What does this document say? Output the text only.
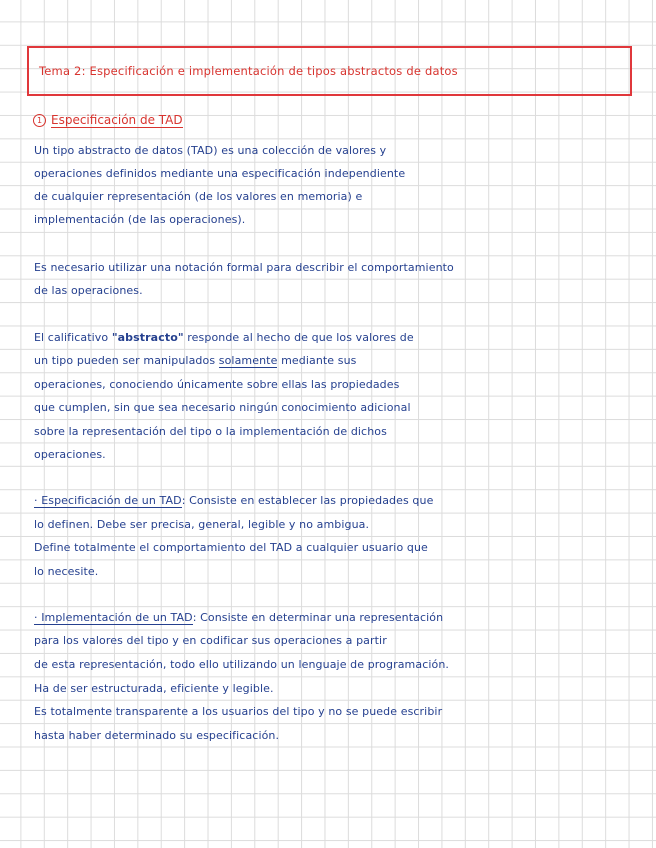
Tema 2: Especificación e implementación de tipos abstractos de datos
1 Especificación de TAD
Un tipo abstracto de datos (TAD) es una colección de valores y
operaciones definidos mediante una especificación independiente
de cualquier representación (de los valores en memoria) e
implementación (de las operaciones).
Es necesario utilizar una notación formal para describir el comportamiento
de las operaciones.
El calificativo "abstracto" responde al hecho de que los valores de
un tipo pueden ser manipulados solamente mediante sus
operaciones, conociendo únicamente sobre ellas las propiedades
que cumplen, sin que sea necesario ningún conocimiento adicional
sobre la representación del tipo o la implementación de dichos
operaciones.
· Especificación de un TAD: Consiste en establecer las propiedades que
lo definen. Debe ser precisa, general, legible y no ambigua.
Define totalmente el comportamiento del TAD a cualquier usuario que
lo necesite.
· Implementación de un TAD: Consiste en determinar una representación
para los valores del tipo y en codificar sus operaciones a partir
de esta representación, todo ello utilizando un lenguaje de programación.
Ha de ser estructurada, eficiente y legible.
Es totalmente transparente a los usuarios del tipo y no se puede escribir
hasta haber determinado su especificación.
